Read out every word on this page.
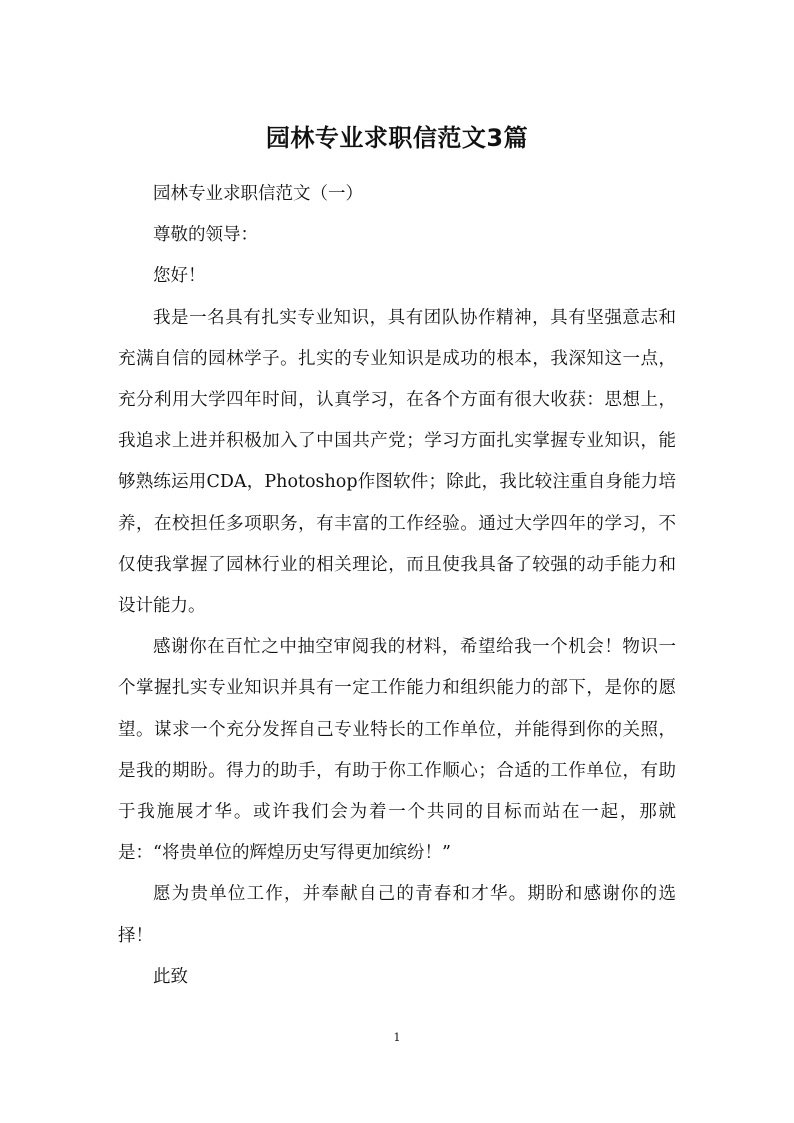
园林专业求职信范文3篇

园林专业求职信范文（一）

尊敬的领导：

您好！

我是一名具有扎实专业知识，具有团队协作精神，具有坚强意志和充满自信的园林学子。扎实的专业知识是成功的根本，我深知这一点，充分利用大学四年时间，认真学习，在各个方面有很大收获：思想上，我追求上进并积极加入了中国共产党；学习方面扎实掌握专业知识，能够熟练运用CDA，Photoshop作图软件；除此，我比较注重自身能力培养，在校担任多项职务，有丰富的工作经验。通过大学四年的学习，不仅使我掌握了园林行业的相关理论，而且使我具备了较强的动手能力和设计能力。

感谢你在百忙之中抽空审阅我的材料，希望给我一个机会！物识一个掌握扎实专业知识并具有一定工作能力和组织能力的部下，是你的愿望。谋求一个充分发挥自己专业特长的工作单位，并能得到你的关照，是我的期盼。得力的助手，有助于你工作顺心；合适的工作单位，有助于我施展才华。或许我们会为着一个共同的目标而站在一起，那就是：“将贵单位的辉煌历史写得更加缤纷！”

愿为贵单位工作，并奉献自己的青春和才华。期盼和感谢你的选择！

此致

1
